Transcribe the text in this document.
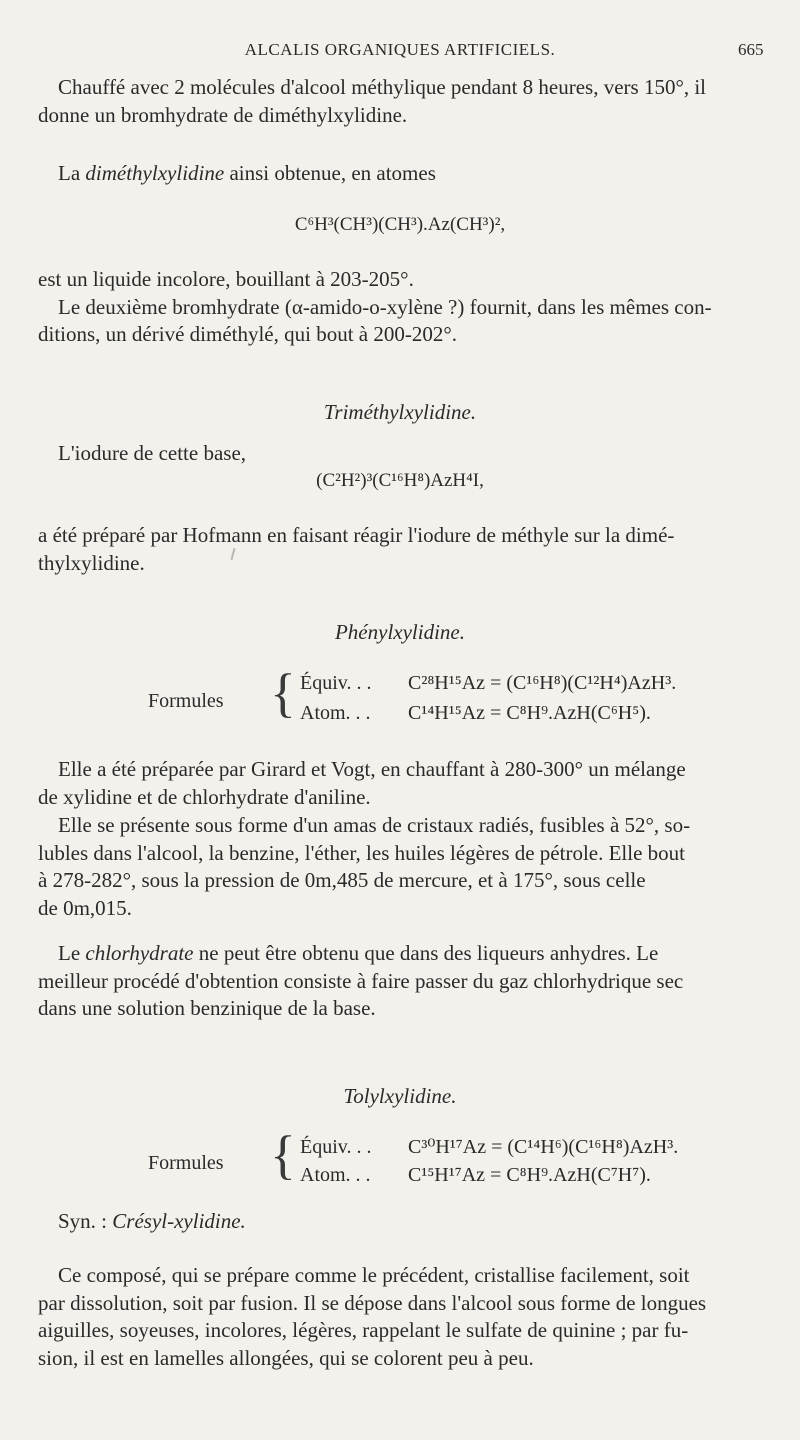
ALCALIS ORGANIQUES ARTIFICIELS.	665
Chauffé avec 2 molécules d'alcool méthylique pendant 8 heures, vers 150°, il
donne un bromhydrate de diméthylxylidine.
La diméthylxylidine ainsi obtenue, en atomes
C⁶H³(CH³)(CH³).Az(CH³)²,
est un liquide incolore, bouillant à 203-205°.
Le deuxième bromhydrate (α-amido-o-xylène ?) fournit, dans les mêmes con-
ditions, un dérivé diméthylé, qui bout à 200-202°.
Triméthylxylidine.
L'iodure de cette base,
(C²H²)³(C¹⁶H⁸)AzH⁴I,
a été préparé par Hofmann en faisant réagir l'iodure de méthyle sur la dimé-
thylxylidine.
Phénylxylidine.
Formules { Équiv. . . C²⁸H¹⁵Az = (C¹⁶H⁸)(C¹²H⁴)AzH³.
Atom. . . C¹⁴H¹⁵Az = C⁸H⁹.AzH(C⁶H⁵).
Elle a été préparée par Girard et Vogt, en chauffant à 280-300° un mélange
de xylidine et de chlorhydrate d'aniline.
Elle se présente sous forme d'un amas de cristaux radiés, fusibles à 52°, so-
lubles dans l'alcool, la benzine, l'éther, les huiles légères de pétrole. Elle bout
à 278-282°, sous la pression de 0m,485 de mercure, et à 175°, sous celle
de 0m,015.
Le chlorhydrate ne peut être obtenu que dans des liqueurs anhydres. Le
meilleur procédé d'obtention consiste à faire passer du gaz chlorhydrique sec
dans une solution benzinique de la base.
Tolylxylidine.
Formules { Équiv. . . C³⁰H¹⁷Az = (C¹⁴H⁶)(C¹⁶H⁸)AzH³.
Atom. . . C¹⁵H¹⁷Az = C⁸H⁹.AzH(C⁷H⁷).
Syn. : Crésyl-xylidine.
Ce composé, qui se prépare comme le précédent, cristallise facilement, soit
par dissolution, soit par fusion. Il se dépose dans l'alcool sous forme de longues
aiguilles, soyeuses, incolores, légères, rappelant le sulfate de quinine ; par fu-
sion, il est en lamelles allongées, qui se colorent peu à peu.
